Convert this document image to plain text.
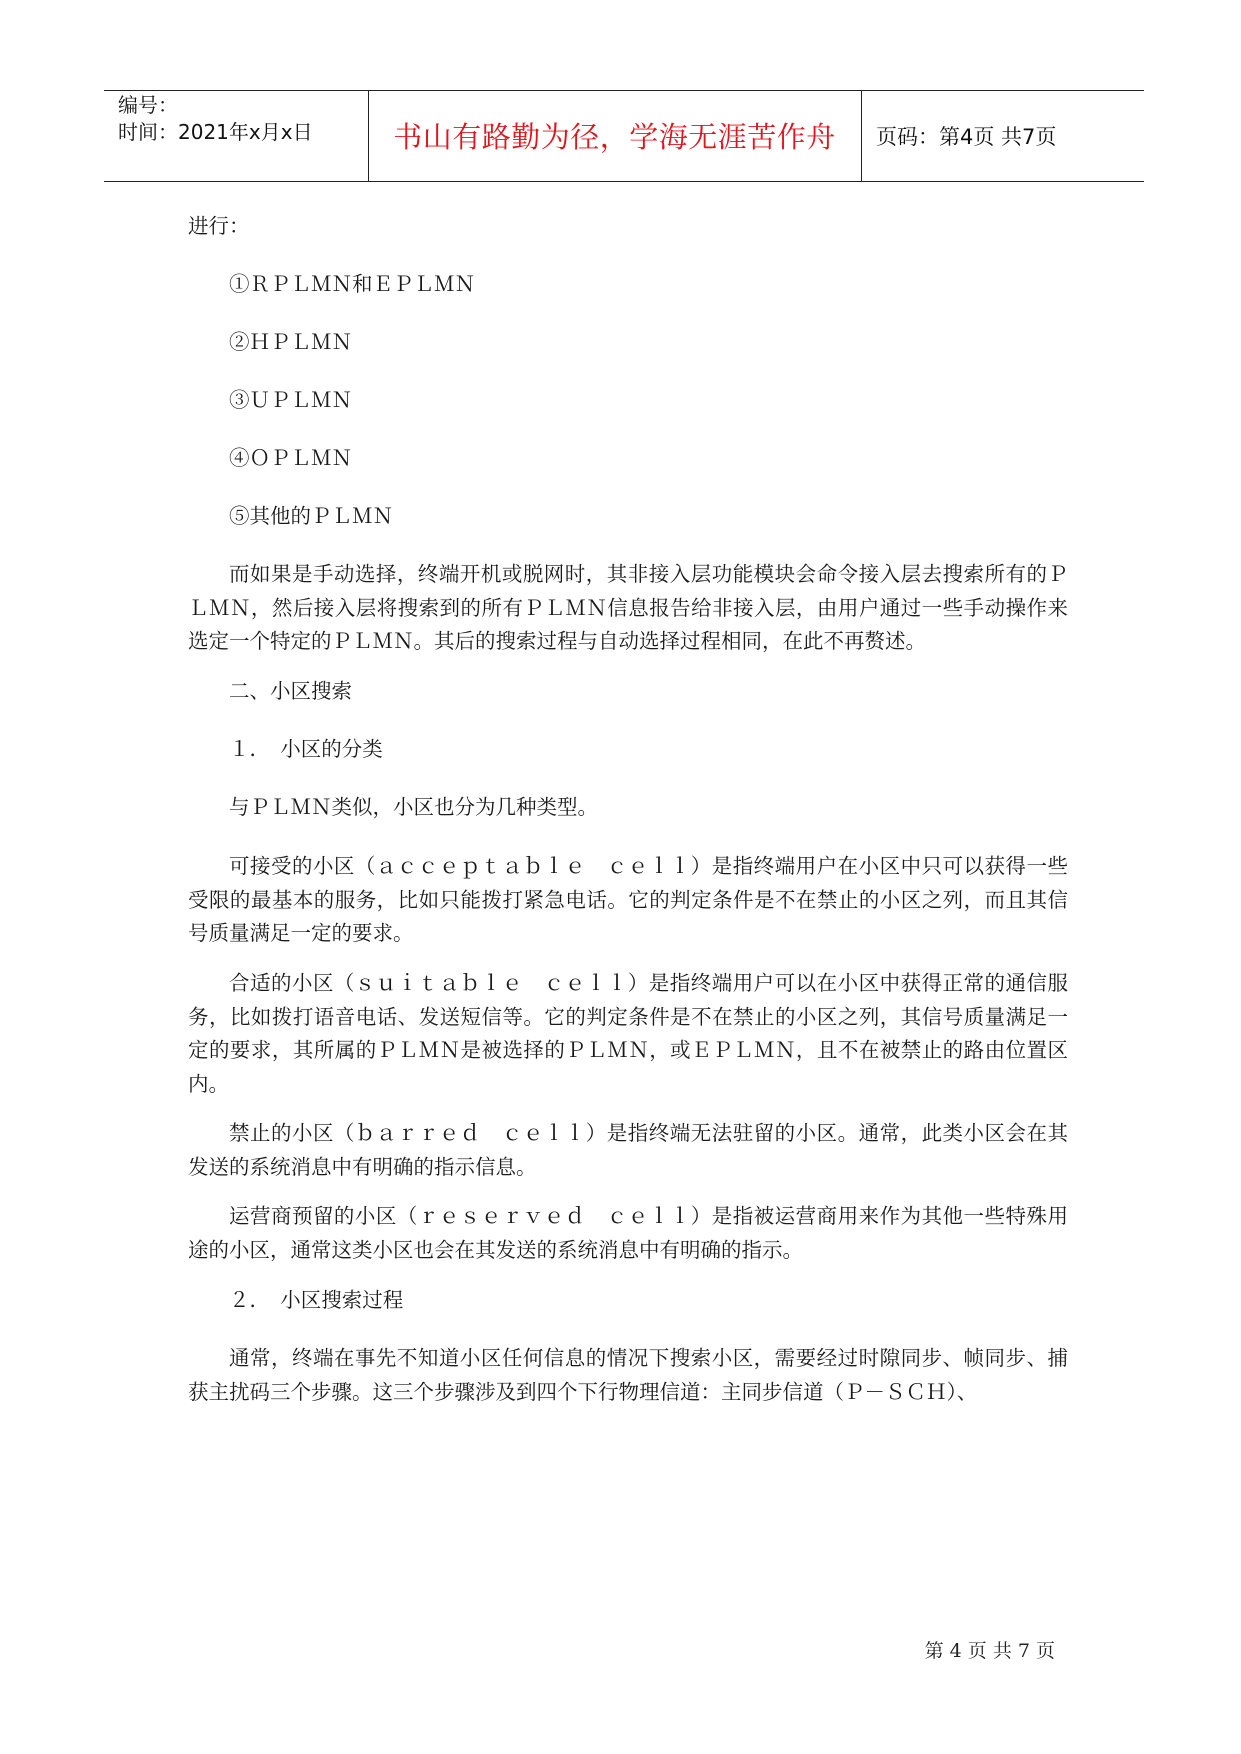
编号：
时间：2021年x月x日	书山有路勤为径，学海无涯苦作舟	页码：第4页 共7页
进行：
①ＲＰＬＭＮ和ＥＰＬＭＮ
②ＨＰＬＭＮ
③ＵＰＬＭＮ
④ＯＰＬＭＮ
⑤其他的ＰＬＭＮ
而如果是手动选择，终端开机或脱网时，其非接入层功能模块会命令接入层去搜索所有的ＰＬＭＮ，然后接入层将搜索到的所有ＰＬＭＮ信息报告给非接入层，由用户通过一些手动操作来选定一个特定的ＰＬＭＮ。其后的搜索过程与自动选择过程相同，在此不再赘述。
二、小区搜索
１．　小区的分类
与ＰＬＭＮ类似，小区也分为几种类型。
可接受的小区（ａｃｃｅｐｔａｂｌｅ　ｃｅｌｌ）是指终端用户在小区中只可以获得一些受限的最基本的服务，比如只能拨打紧急电话。它的判定条件是不在禁止的小区之列，而且其信号质量满足一定的要求。
合适的小区（ｓｕｉｔａｂｌｅ　ｃｅｌｌ）是指终端用户可以在小区中获得正常的通信服务，比如拨打语音电话、发送短信等。它的判定条件是不在禁止的小区之列，其信号质量满足一定的要求，其所属的ＰＬＭＮ是被选择的ＰＬＭＮ，或ＥＰＬＭＮ，且不在被禁止的路由位置区内。
禁止的小区（ｂａｒｒｅｄ　ｃｅｌｌ）是指终端无法驻留的小区。通常，此类小区会在其发送的系统消息中有明确的指示信息。
运营商预留的小区（ｒｅｓｅｒｖｅｄ　ｃｅｌｌ）是指被运营商用来作为其他一些特殊用途的小区，通常这类小区也会在其发送的系统消息中有明确的指示。
２．　小区搜索过程
通常，终端在事先不知道小区任何信息的情况下搜索小区，需要经过时隙同步、帧同步、捕获主扰码三个步骤。这三个步骤涉及到四个下行物理信道：主同步信道（Ｐ－ＳＣＨ）、
第 4 页 共 7 页
